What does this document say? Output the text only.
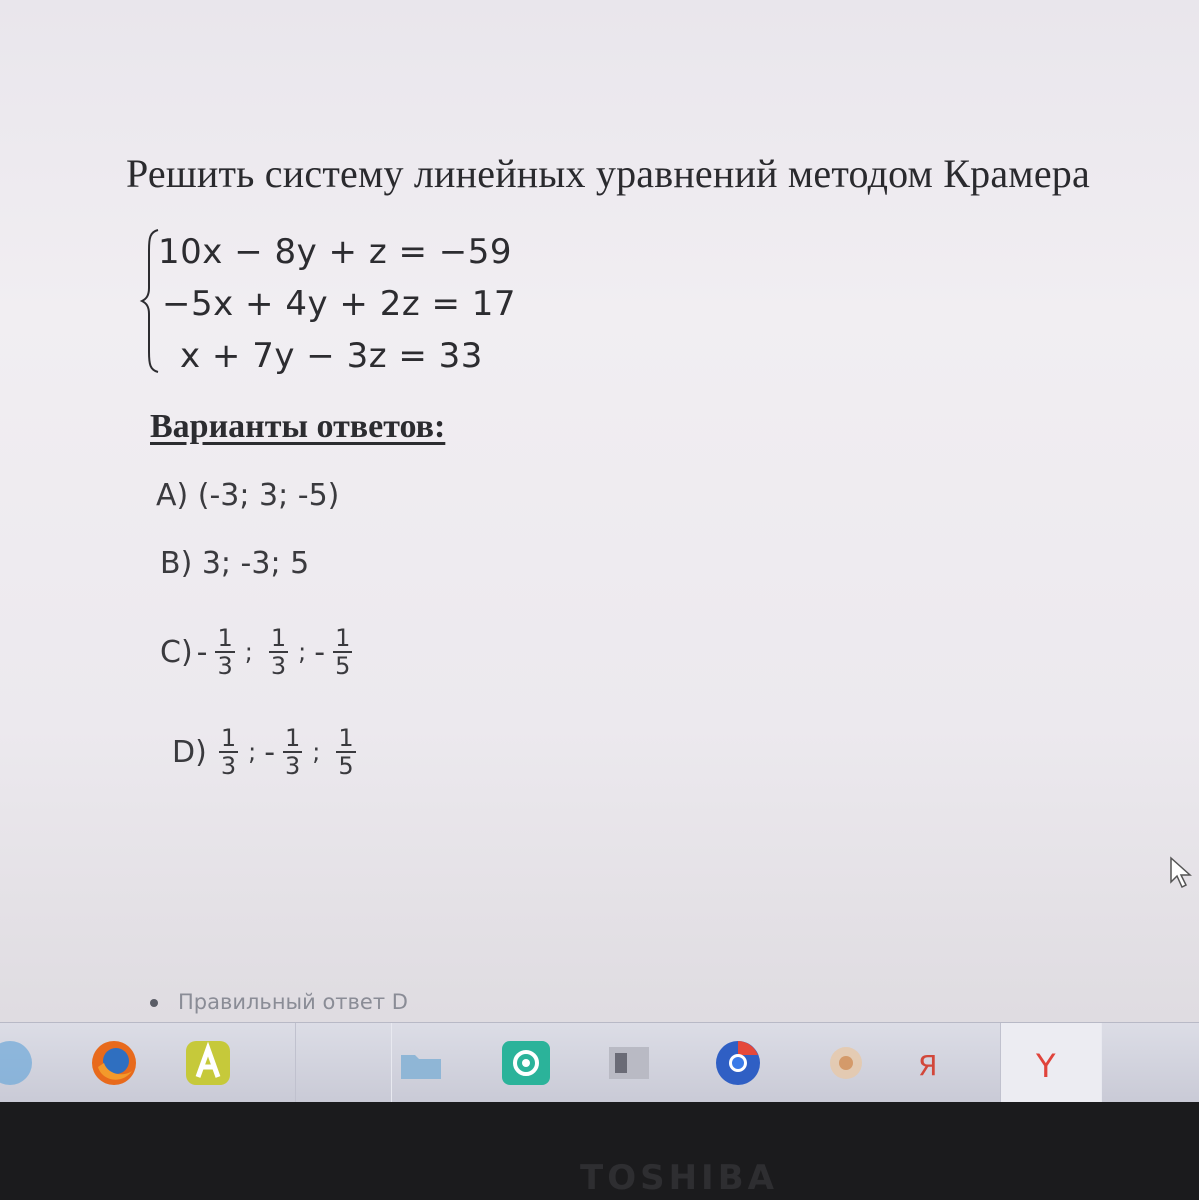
Решить систему линейных уравнений методом Крамера
10x − 8y + z = −59
−5x + 4y + 2z = 17
x + 7y − 3z = 33
Варианты ответов:
A) (-3; 3; -5)
B) 3; -3; 5
$C) - \frac{1}{3}$ ; $\frac{1}{3}$ ; - $\frac{1}{5}$
$D) \frac{1}{3}$ ; - $\frac{1}{3}$ ; $\frac{1}{5}$
Правильный ответ D
Я	Y
TOSHIBA
